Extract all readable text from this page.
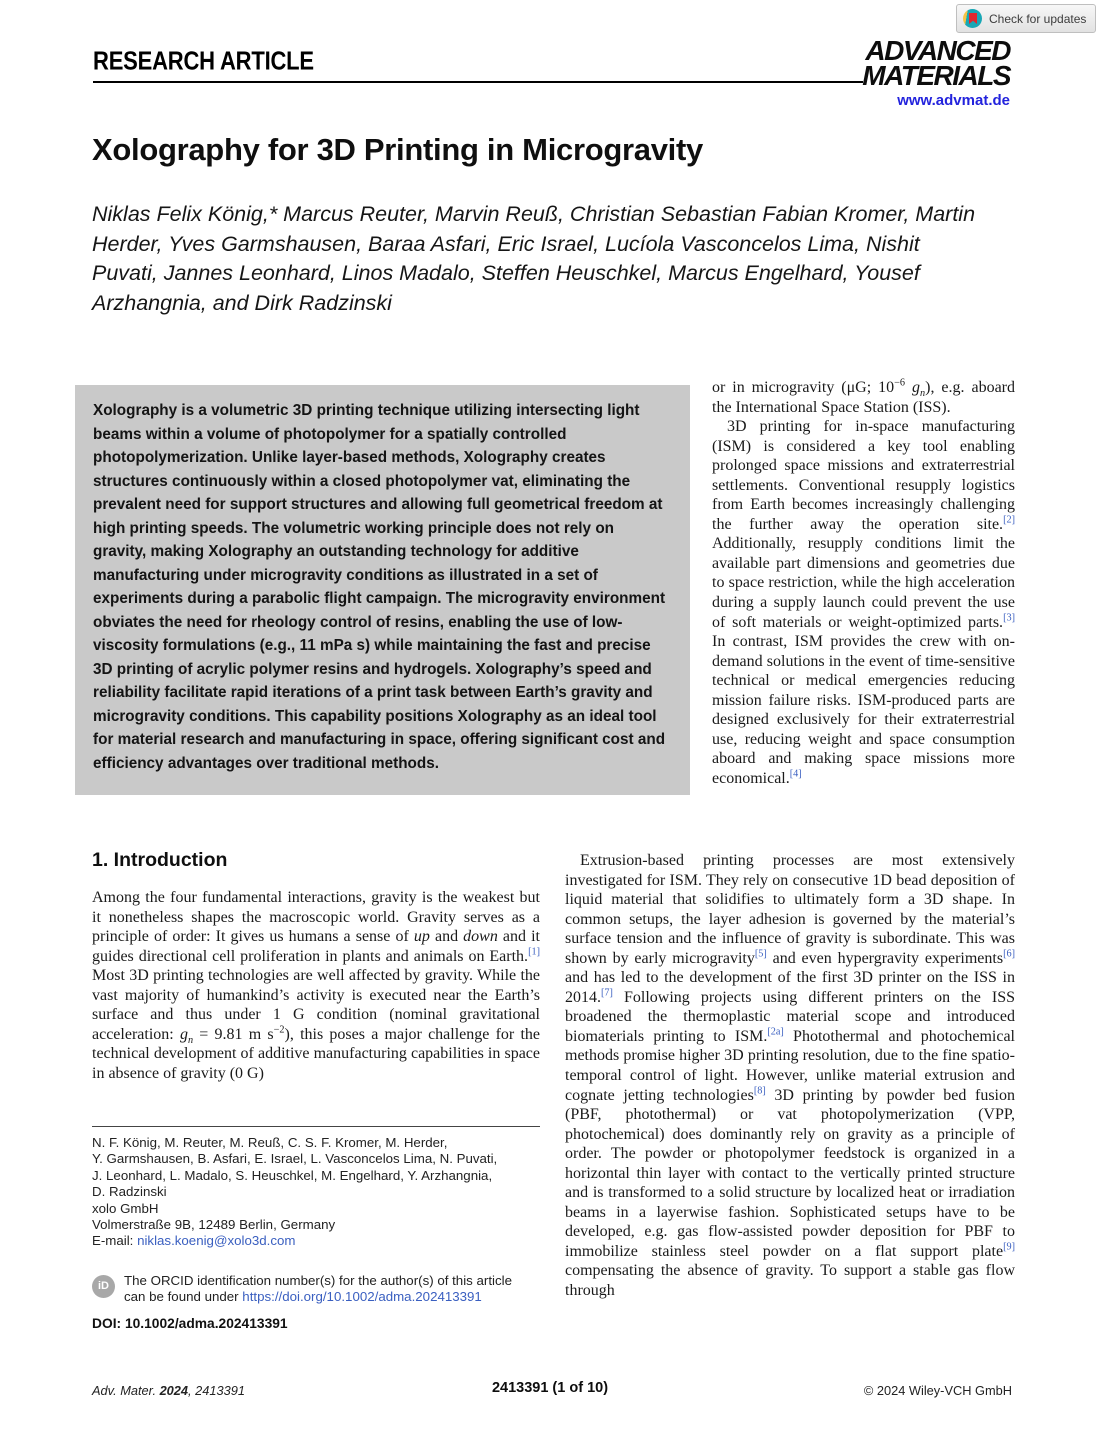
Check for updates
RESEARCH ARTICLE	ADVANCED
MATERIALS
www.advmat.de
Xolography for 3D Printing in Microgravity
Niklas Felix König,* Marcus Reuter, Marvin Reuß, Christian Sebastian Fabian Kromer, Martin Herder, Yves Garmshausen, Baraa Asfari, Eric Israel, Lucíola Vasconcelos Lima, Nishit Puvati, Jannes Leonhard, Linos Madalo, Steffen Heuschkel, Marcus Engelhard, Yousef Arzhangnia, and Dirk Radzinski
Xolography is a volumetric 3D printing technique utilizing intersecting light beams within a volume of photopolymer for a spatially controlled photopolymerization. Unlike layer-based methods, Xolography creates structures continuously within a closed photopolymer vat, eliminating the prevalent need for support structures and allowing full geometrical freedom at high printing speeds. The volumetric working principle does not rely on gravity, making Xolography an outstanding technology for additive manufacturing under microgravity conditions as illustrated in a set of experiments during a parabolic flight campaign. The microgravity environment obviates the need for rheology control of resins, enabling the use of low-viscosity formulations (e.g., 11 mPa s) while maintaining the fast and precise 3D printing of acrylic polymer resins and hydrogels. Xolography’s speed and reliability facilitate rapid iterations of a print task between Earth’s gravity and microgravity conditions. This capability positions Xolography as an ideal tool for material research and manufacturing in space, offering significant cost and efficiency advantages over traditional methods.

or in microgravity (μG; $10^{-6}$ $g_n$), e.g. aboard the International Space Station (ISS).

3D printing for in-space manufacturing (ISM) is considered a key tool enabling prolonged space missions and extraterrestrial settlements. Conventional resupply logistics from Earth becomes increasingly challenging the further away the operation site.[2] Additionally, resupply conditions limit the available part dimensions and geometries due to space restriction, while the high acceleration during a supply launch could prevent the use of soft materials or weight-optimized parts.[3] In contrast, ISM provides the crew with on-demand solutions in the event of time-sensitive technical or medical emergencies reducing mission failure risks. ISM-produced parts are designed exclusively for their extraterrestrial use, reducing weight and space consumption aboard and making space missions more economical.[4]

1. Introduction

Among the four fundamental interactions, gravity is the weakest but it nonetheless shapes the macroscopic world. Gravity serves as a principle of order: It gives us humans a sense of up and down and it guides directional cell proliferation in plants and animals on Earth.[1] Most 3D printing technologies are well affected by gravity. While the vast majority of humankind’s activity is executed near the Earth’s surface and thus under 1 G condition (nominal gravitational acceleration: $g_n = 9.81$ m $s^{-2}$), this poses a major challenge for the technical development of additive manufacturing capabilities in space in absence of gravity (0 G)

Extrusion-based printing processes are most extensively investigated for ISM. They rely on consecutive 1D bead deposition of liquid material that solidifies to ultimately form a 3D shape. In common setups, the layer adhesion is governed by the material’s surface tension and the influence of gravity is subordinate. This was shown by early microgravity[5] and even hypergravity experiments[6] and has led to the development of the first 3D printer on the ISS in 2014.[7] Following projects using different printers on the ISS broadened the thermoplastic material scope and introduced biomaterials printing to ISM.[2a] Photothermal and photochemical methods promise higher 3D printing resolution, due to the fine spatio-temporal control of light. However, unlike material extrusion and cognate jetting technologies[8] 3D printing by powder bed fusion (PBF, photothermal) or vat photopolymerization (VPP, photochemical) does dominantly rely on gravity as a principle of order. The powder or photopolymer feedstock is organized in a horizontal thin layer with contact to the vertically printed structure and is transformed to a solid structure by localized heat or irradiation beams in a layerwise fashion. Sophisticated setups have to be developed, e.g. gas flow-assisted powder deposition for PBF to immobilize stainless steel powder on a flat support plate[9] compensating the absence of gravity. To support a stable gas flow through

N. F. König, M. Reuter, M. Reuß, C. S. F. Kromer, M. Herder,
Y. Garmshausen, B. Asfari, E. Israel, L. Vasconcelos Lima, N. Puvati,
J. Leonhard, L. Madalo, S. Heuschkel, M. Engelhard, Y. Arzhangnia,
D. Radzinski
xolo GmbH
Volmerstraße 9B, 12489 Berlin, Germany
E-mail: niklas.koenig@xolo3d.com
iD	The ORCID identification number(s) for the author(s) of this article
can be found under https://doi.org/10.1002/adma.202413391
DOI: 10.1002/adma.202413391
Adv. Mater. 2024, 2413391	2413391 (1 of 10)	© 2024 Wiley-VCH GmbH
